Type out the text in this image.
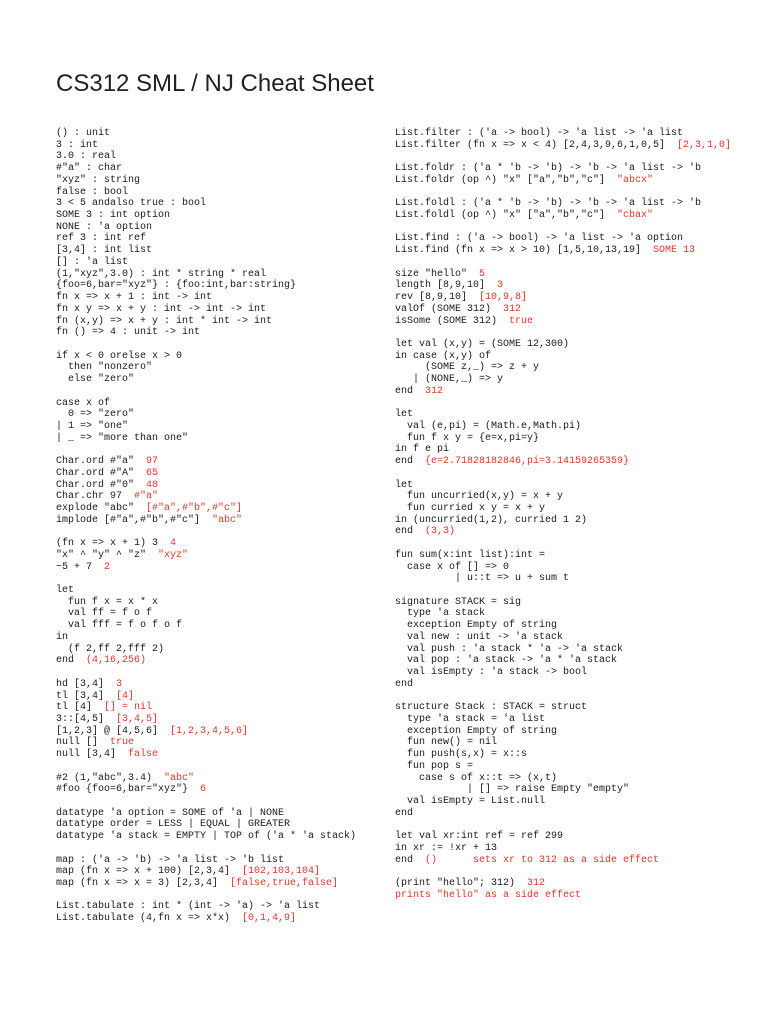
CS312 SML / NJ Cheat Sheet
() : unit
3 : int
3.0 : real
#"a" : char
"xyz" : string
false : bool
3 < 5 andalso true : bool
SOME 3 : int option
NONE : 'a option
ref 3 : int ref
[3,4] : int list
[] : 'a list
(1,"xyz",3.0) : int * string * real
{foo=6,bar="xyz"} : {foo:int,bar:string}
fn x => x + 1 : int -> int
fn x y => x + y : int -> int -> int
fn (x,y) => x + y : int * int -> int
fn () => 4 : unit -> int
if x < 0 orelse x > 0
then "nonzero"
else "zero"
case x of
0 => "zero"
| 1 => "one"
| _ => "more than one"
Char.ord #"a"  97
Char.ord #"A"  65
Char.ord #"0"  48
Char.chr 97  #"a"
explode "abc"  [#"a",#"b",#"c"]
implode [#"a",#"b",#"c"]  "abc"
(fn x => x + 1) 3  4
"x" ^ "y" ^ "z"  "xyz"
~5 + 7  2
let
fun f x = x * x
val ff = f o f
val fff = f o f o f
in
(f 2,ff 2,fff 2)
end  (4,16,256)
hd [3,4]  3
tl [3,4]  [4]
tl [4]  [] = nil
3::[4,5]  [3,4,5]
[1,2,3] @ [4,5,6]  [1,2,3,4,5,6]
null []  true
null [3,4]  false
#2 (1,"abc",3.4)  "abc"
#foo {foo=6,bar="xyz"}  6
datatype 'a option = SOME of 'a | NONE
datatype order = LESS | EQUAL | GREATER
datatype 'a stack = EMPTY | TOP of ('a * 'a stack)
map : ('a -> 'b) -> 'a list -> 'b list
map (fn x => x + 100) [2,3,4]  [102,103,104]
map (fn x => x = 3) [2,3,4]  [false,true,false]
List.tabulate : int * (int -> 'a) -> 'a list
List.tabulate (4,fn x => x*x)  [0,1,4,9]
List.filter : ('a -> bool) -> 'a list -> 'a list
List.filter (fn x => x < 4) [2,4,3,9,6,1,0,5]  [2,3,1,0]
List.foldr : ('a * 'b -> 'b) -> 'b -> 'a list -> 'b
List.foldr (op ^) "x" ["a","b","c"]  "abcx"
List.foldl : ('a * 'b -> 'b) -> 'b -> 'a list -> 'b
List.foldl (op ^) "x" ["a","b","c"]  "cbax"
List.find : ('a -> bool) -> 'a list -> 'a option
List.find (fn x => x > 10) [1,5,10,13,19]  SOME 13
size "hello"  5
length [8,9,10]  3
rev [8,9,10]  [10,9,8]
valOf (SOME 312)  312
isSome (SOME 312)  true
let val (x,y) = (SOME 12,300)
in case (x,y) of
(SOME z,_) => z + y
| (NONE,_) => y
end  312
let
val (e,pi) = (Math.e,Math.pi)
fun f x y = {e=x,pi=y}
in f e pi
end  {e=2.71828182846,pi=3.14159265359}
let
fun uncurried(x,y) = x + y
fun curried x y = x + y
in (uncurried(1,2), curried 1 2)
end  (3,3)
fun sum(x:int list):int =
case x of [] => 0
| u::t => u + sum t
signature STACK = sig
type 'a stack
exception Empty of string
val new : unit -> 'a stack
val push : 'a stack * 'a -> 'a stack
val pop : 'a stack -> 'a * 'a stack
val isEmpty : 'a stack -> bool
end
structure Stack : STACK = struct
type 'a stack = 'a list
exception Empty of string
fun new() = nil
fun push(s,x) = x::s
fun pop s =
case s of x::t => (x,t)
| [] => raise Empty "empty"
val isEmpty = List.null
end
let val xr:int ref = ref 299
in xr := !xr + 13
end  ()      sets xr to 312 as a side effect
(print "hello"; 312)  312
prints "hello" as a side effect
